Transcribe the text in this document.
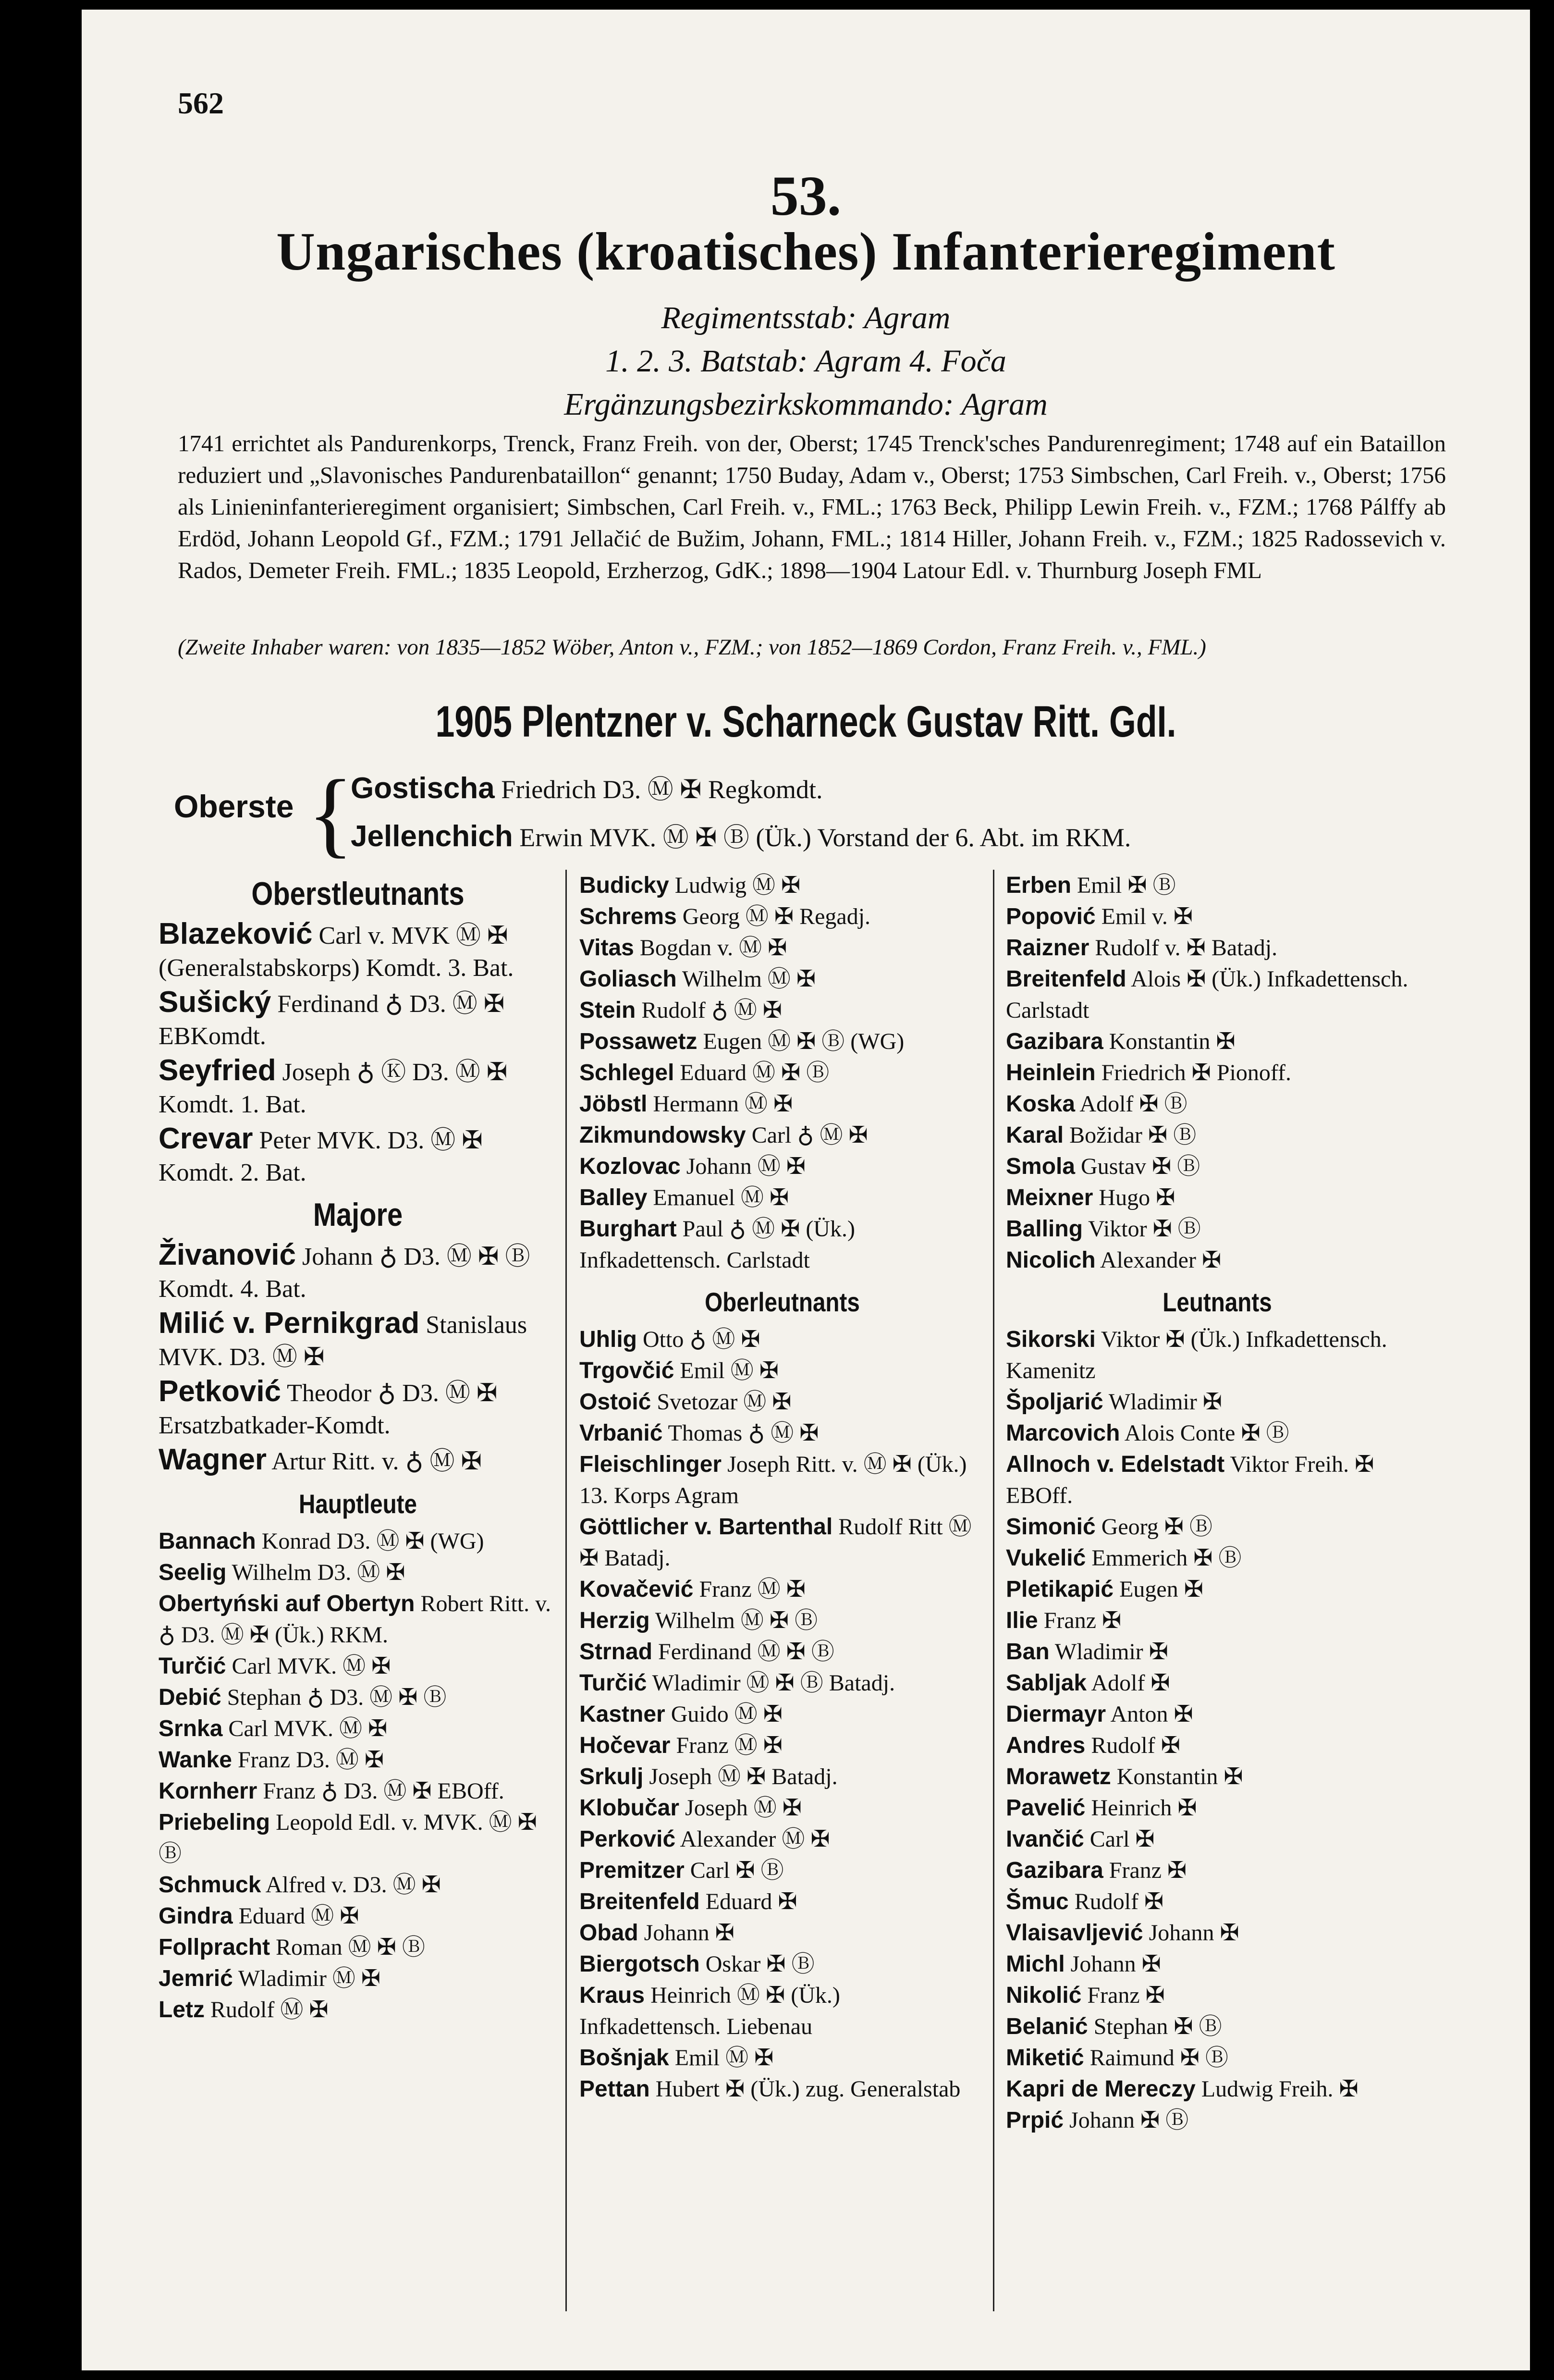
562
53.
Ungarisches (kroatisches) Infanterieregiment
Regimentsstab: Agram
1. 2. 3. Batstab: Agram 4. Foča
Ergänzungsbezirkskommando: Agram
1741 errichtet als Pandurenkorps, Trenck, Franz Freih. von der, Oberst; 1745 Trenck'sches Pandurenregiment; 1748 auf ein Bataillon reduziert und „Slavonisches Pandurenbataillon“ genannt; 1750 Buday, Adam v., Oberst; 1753 Simbschen, Carl Freih. v., Oberst; 1756 als Linieninfanterieregiment organisiert; Simbschen, Carl Freih. v., FML.; 1763 Beck, Philipp Lewin Freih. v., FZM.; 1768 Pálffy ab Erdöd, Johann Leopold Gf., FZM.; 1791 Jellačić de Bužim, Johann, FML.; 1814 Hiller, Johann Freih. v., FZM.; 1825 Radossevich v. Rados, Demeter Freih. FML.; 1835 Leopold, Erzherzog, GdK.; 1898—1904 Latour Edl. v. Thurnburg Joseph FML
(Zweite Inhaber waren: von 1835—1852 Wöber, Anton v., FZM.; von 1852—1869 Cordon, Franz Freih. v., FML.)
1905 Plentzner v. Scharneck Gustav Ritt. GdI.
Oberste {
Gostischa Friedrich D3. Ⓜ ✠ Regkomdt.
Jellenchich Erwin MVK. Ⓜ ✠ Ⓑ (Ük.) Vorstand der 6. Abt. im RKM.
Oberstleutnants
Blazeković Carl v. MVK Ⓜ ✠ (Generalstabskorps) Komdt. 3. Bat.
Sušický Ferdinand ♁ D3. Ⓜ ✠ EBKomdt.
Seyfried Joseph ♁ Ⓚ D3. Ⓜ ✠ Komdt. 1. Bat.
Crevar Peter MVK. D3. Ⓜ ✠ Komdt. 2. Bat.
Majore
Živanović Johann ♁ D3. Ⓜ ✠ Ⓑ Komdt. 4. Bat.
Milić v. Pernikgrad Stanislaus MVK. D3. Ⓜ ✠
Petković Theodor ♁ D3. Ⓜ ✠ Ersatzbatkader-Komdt.
Wagner Artur Ritt. v. ♁ Ⓜ ✠
Hauptleute
Bannach Konrad D3. Ⓜ ✠ (WG)
Seelig Wilhelm D3. Ⓜ ✠
Obertyński auf Obertyn Robert Ritt. v. ♁ D3. Ⓜ ✠ (Ük.) RKM.
Turčić Carl MVK. Ⓜ ✠
Debić Stephan ♁ D3. Ⓜ ✠ Ⓑ
Srnka Carl MVK. Ⓜ ✠
Wanke Franz D3. Ⓜ ✠
Kornherr Franz ♁ D3. Ⓜ ✠ EBOff.
Priebeling Leopold Edl. v. MVK. Ⓜ ✠ Ⓑ
Schmuck Alfred v. D3. Ⓜ ✠
Gindra Eduard Ⓜ ✠
Follpracht Roman Ⓜ ✠ Ⓑ
Jemrić Wladimir Ⓜ ✠
Letz Rudolf Ⓜ ✠
Budicky Ludwig Ⓜ ✠
Schrems Georg Ⓜ ✠ Regadj.
Vitas Bogdan v. Ⓜ ✠
Goliasch Wilhelm Ⓜ ✠
Stein Rudolf ♁ Ⓜ ✠
Possawetz Eugen Ⓜ ✠ Ⓑ (WG)
Schlegel Eduard Ⓜ ✠ Ⓑ
Jöbstl Hermann Ⓜ ✠
Zikmundowsky Carl ♁ Ⓜ ✠
Kozlovac Johann Ⓜ ✠
Balley Emanuel Ⓜ ✠
Burghart Paul ♁ Ⓜ ✠ (Ük.) Infkadettensch. Carlstadt
Oberleutnants
Uhlig Otto ♁ Ⓜ ✠
Trgovčić Emil Ⓜ ✠
Ostoić Svetozar Ⓜ ✠
Vrbanić Thomas ♁ Ⓜ ✠
Fleischlinger Joseph Ritt. v. Ⓜ ✠ (Ük.) 13. Korps Agram
Göttlicher v. Bartenthal Rudolf Ritt Ⓜ ✠ Batadj.
Kovačević Franz Ⓜ ✠
Herzig Wilhelm Ⓜ ✠ Ⓑ
Strnad Ferdinand Ⓜ ✠ Ⓑ
Turčić Wladimir Ⓜ ✠ Ⓑ Batadj.
Kastner Guido Ⓜ ✠
Hočevar Franz Ⓜ ✠
Srkulj Joseph Ⓜ ✠ Batadj.
Klobučar Joseph Ⓜ ✠
Perković Alexander Ⓜ ✠
Premitzer Carl ✠ Ⓑ
Breitenfeld Eduard ✠
Obad Johann ✠
Biergotsch Oskar ✠ Ⓑ
Kraus Heinrich Ⓜ ✠ (Ük.) Infkadettensch. Liebenau
Bošnjak Emil Ⓜ ✠
Pettan Hubert ✠ (Ük.) zug. Generalstab
Erben Emil ✠ Ⓑ
Popović Emil v. ✠
Raizner Rudolf v. ✠ Batadj.
Breitenfeld Alois ✠ (Ük.) Infkadettensch. Carlstadt
Gazibara Konstantin ✠
Heinlein Friedrich ✠ Pionoff.
Koska Adolf ✠ Ⓑ
Karal Božidar ✠ Ⓑ
Smola Gustav ✠ Ⓑ
Meixner Hugo ✠
Balling Viktor ✠ Ⓑ
Nicolich Alexander ✠
Leutnants
Sikorski Viktor ✠ (Ük.) Infkadettensch. Kamenitz
Špoljarić Wladimir ✠
Marcovich Alois Conte ✠ Ⓑ
Allnoch v. Edelstadt Viktor Freih. ✠ EBOff.
Simonić Georg ✠ Ⓑ
Vukelić Emmerich ✠ Ⓑ
Pletikapić Eugen ✠
Ilie Franz ✠
Ban Wladimir ✠
Sabljak Adolf ✠
Diermayr Anton ✠
Andres Rudolf ✠
Morawetz Konstantin ✠
Pavelić Heinrich ✠
Ivančić Carl ✠
Gazibara Franz ✠
Šmuc Rudolf ✠
Vlaisavljević Johann ✠
Michl Johann ✠
Nikolić Franz ✠
Belanić Stephan ✠ Ⓑ
Miketić Raimund ✠ Ⓑ
Kapri de Mereczy Ludwig Freih. ✠
Prpić Johann ✠ Ⓑ
